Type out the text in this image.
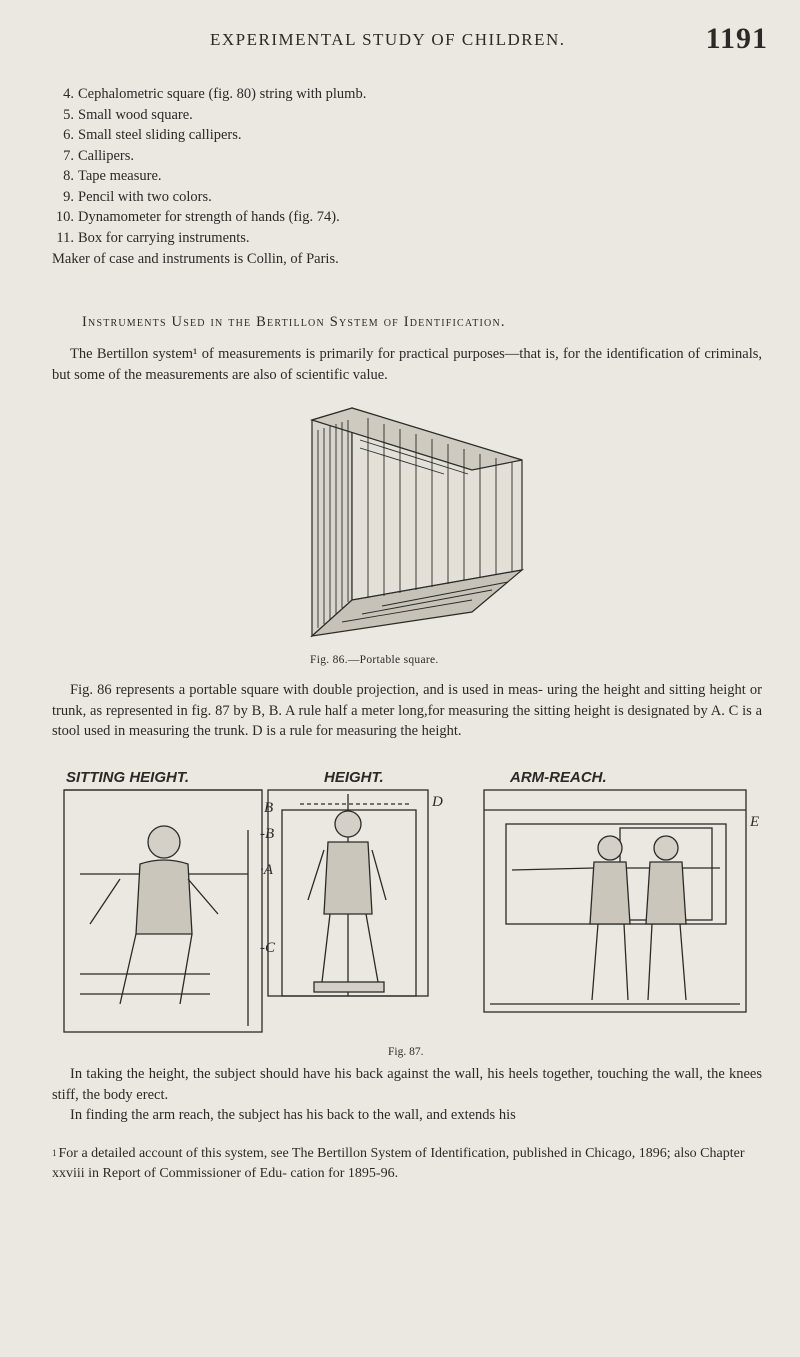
EXPERIMENTAL STUDY OF CHILDREN.	1191
4. Cephalometric square (fig. 80) string with plumb.
5. Small wood square.
6. Small steel sliding callipers.
7. Callipers.
8. Tape measure.
9. Pencil with two colors.
10. Dynamometer for strength of hands (fig. 74).
11. Box for carrying instruments.
Maker of case and instruments is Collin, of Paris.
Instruments Used in the Bertillon System of Identification.
The Bertillon system¹ of measurements is primarily for practical purposes—that is, for the identification of criminals, but some of the measurements are also of scientific value.
Fig. 86.—Portable square.
Fig. 86 represents a portable square with double projection, and is used in meas- uring the height and sitting height or trunk, as represented in fig. 87 by B, B. A rule half a meter long,for measuring the sitting height is designated by A. C is a stool used in measuring the trunk. D is a rule for measuring the height.
SITTING HEIGHT.	HEIGHT.	ARM-REACH.
B
-B
·A
-C
D
E
Fig. 87.
In taking the height, the subject should have his back against the wall, his heels together, touching the wall, the knees stiff, the body erect.
In finding the arm reach, the subject has his back to the wall, and extends his
$^1$ For a detailed account of this system, see The Bertillon System of Identification, published in Chicago, 1896; also Chapter xxviii in Report of Commissioner of Edu- cation for 1895-96.
